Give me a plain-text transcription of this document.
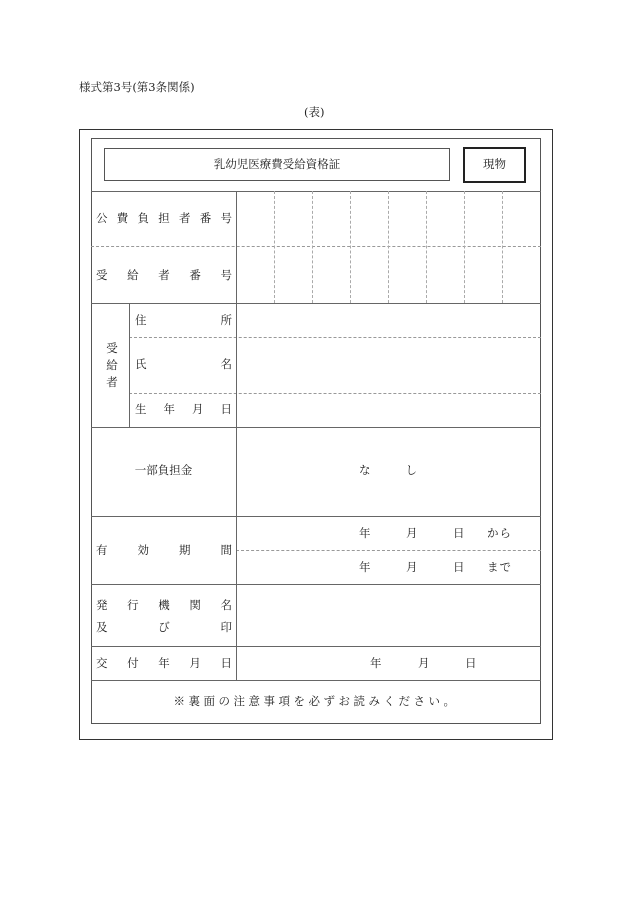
様式第3号(第3条関係)
(表)
乳幼児医療費受給資格証	現物
公 費 負 担 者 番 号
受 給 者 番 号
受
給
者
住	所
氏	名
生 年 月 日
一部負担金	な	し
有	効	期	間
年	月	日 から
年	月	日 まで
発 行 機 関 名
及	び	印
交 付 年 月 日	年	月	日
※裏面の注意事項を必ずお読みください。
